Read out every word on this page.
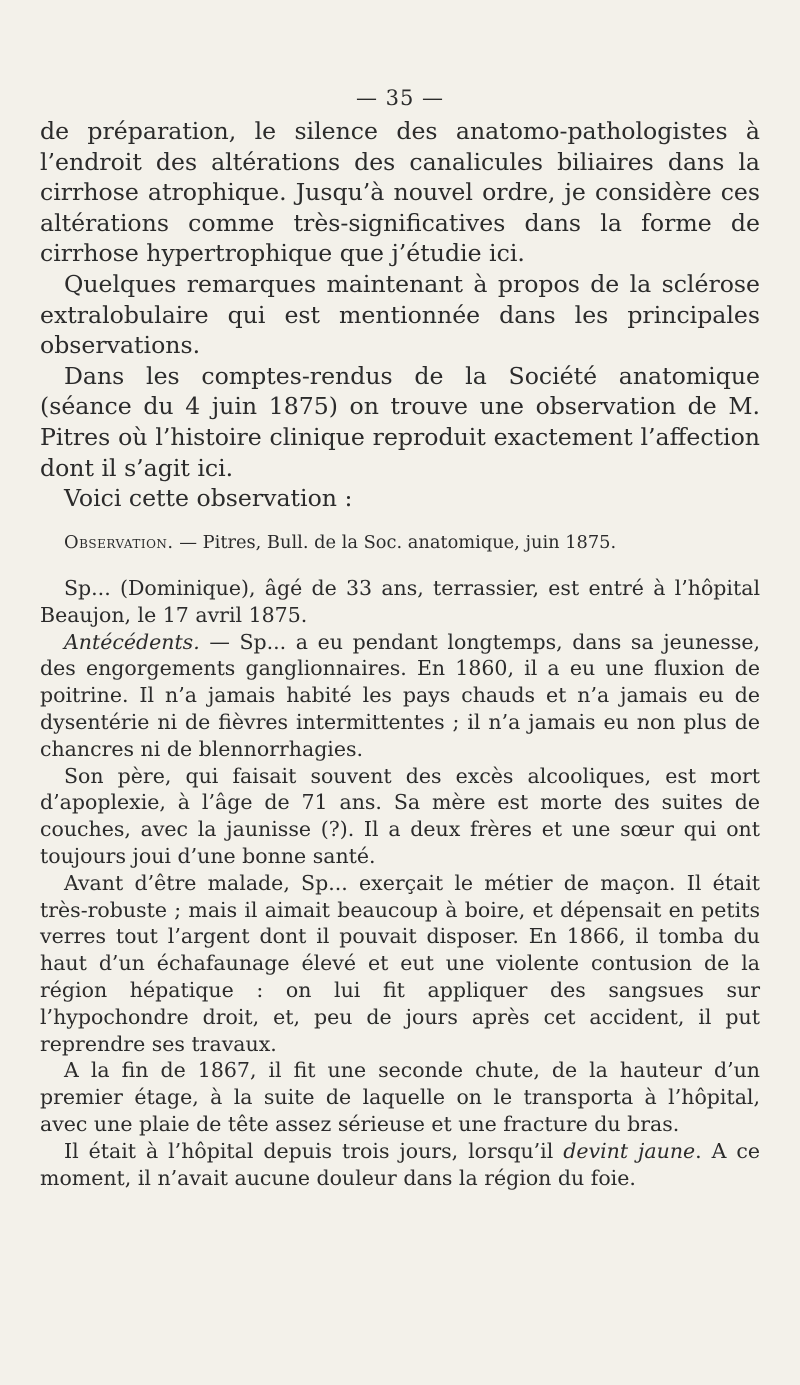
— 35 —

de préparation, le silence des anatomo-pathologistes à l’endroit des altérations des canalicules biliaires dans la cirrhose atrophique. Jusqu’à nouvel ordre, je considère ces altérations comme très-significatives dans la forme de cirrhose hypertrophique que j’étudie ici.

Quelques remarques maintenant à propos de la sclérose extralobulaire qui est mentionnée dans les principales observations.

Dans les comptes-rendus de la Société anatomique (séance du 4 juin 1875) on trouve une observation de M. Pitres où l’histoire clinique reproduit exactement l’affection dont il s’agit ici.

Voici cette observation :

Observation. — Pitres, Bull. de la Soc. anatomique, juin 1875.

Sp... (Dominique), âgé de 33 ans, terrassier, est entré à l’hôpital Beaujon, le 17 avril 1875.

Antécédents. — Sp... a eu pendant longtemps, dans sa jeunesse, des engorgements ganglionnaires. En 1860, il a eu une fluxion de poitrine. Il n’a jamais habité les pays chauds et n’a jamais eu de dysentérie ni de fièvres intermittentes ; il n’a jamais eu non plus de chancres ni de blennorrhagies.

Son père, qui faisait souvent des excès alcooliques, est mort d’apoplexie, à l’âge de 71 ans. Sa mère est morte des suites de couches, avec la jaunisse (?). Il a deux frères et une sœur qui ont toujours joui d’une bonne santé.

Avant d’être malade, Sp... exerçait le métier de maçon. Il était très-robuste ; mais il aimait beaucoup à boire, et dépensait en petits verres tout l’argent dont il pouvait disposer. En 1866, il tomba du haut d’un échafaunage élevé et eut une violente contusion de la région hépatique : on lui fit appliquer des sangsues sur l’hypochondre droit, et, peu de jours après cet accident, il put reprendre ses travaux.

A la fin de 1867, il fit une seconde chute, de la hauteur d’un premier étage, à la suite de laquelle on le transporta à l’hôpital, avec une plaie de tête assez sérieuse et une fracture du bras.

Il était à l’hôpital depuis trois jours, lorsqu’il devint jaune. A ce moment, il n’avait aucune douleur dans la région du foie.
